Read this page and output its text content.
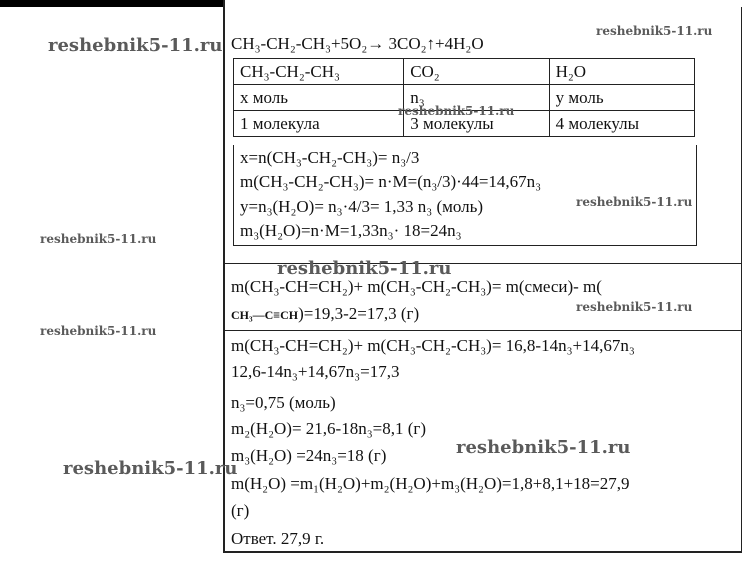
CH₃-CH₂-CH₃+5O₂→ 3CO₂↑+4H₂O
CH₃-CH₂-CH₃	CO₂	H₂O
x моль	n₃	y моль
1 молекула	3 молекулы	4 молекулы
x=n(CH₃-CH₂-CH₃)= n₃/3
m(CH₃-CH₂-CH₃)= n·M=(n₃/3)·44=14,67n₃
y=n₃(H₂O)= n₃·4/3= 1,33 n₃ (моль)
m₃(H₂O)=n·M=1,33n₃· 18=24n₃
m(CH₃-CH=CH₂)+ m(CH₃-CH₂-CH₃)= m(смеси)- m(
CH₃—C≡CH)=19,3-2=17,3 (г)
m(CH₃-CH=CH₂)+ m(CH₃-CH₂-CH₃)= 16,8-14n₃+14,67n₃
12,6-14n₃+14,67n₃=17,3
n₃=0,75 (моль)
m₂(H₂O)= 21,6-18n₃=8,1 (г)
m₃(H₂O) =24n₃=18 (г)
m(H₂O) =m₁(H₂O)+m₂(H₂O)+m₃(H₂O)=1,8+8,1+18=27,9
(г)
Ответ. 27,9 г.
reshebnik5-11.ru
reshebnik5-11.ru
reshebnik5-11.ru
reshebnik5-11.ru
reshebnik5-11.ru
reshebnik5-11.ru
reshebnik5-11.ru
reshebnik5-11.ru
reshebnik5-11.ru
reshebnik5-11.ru
